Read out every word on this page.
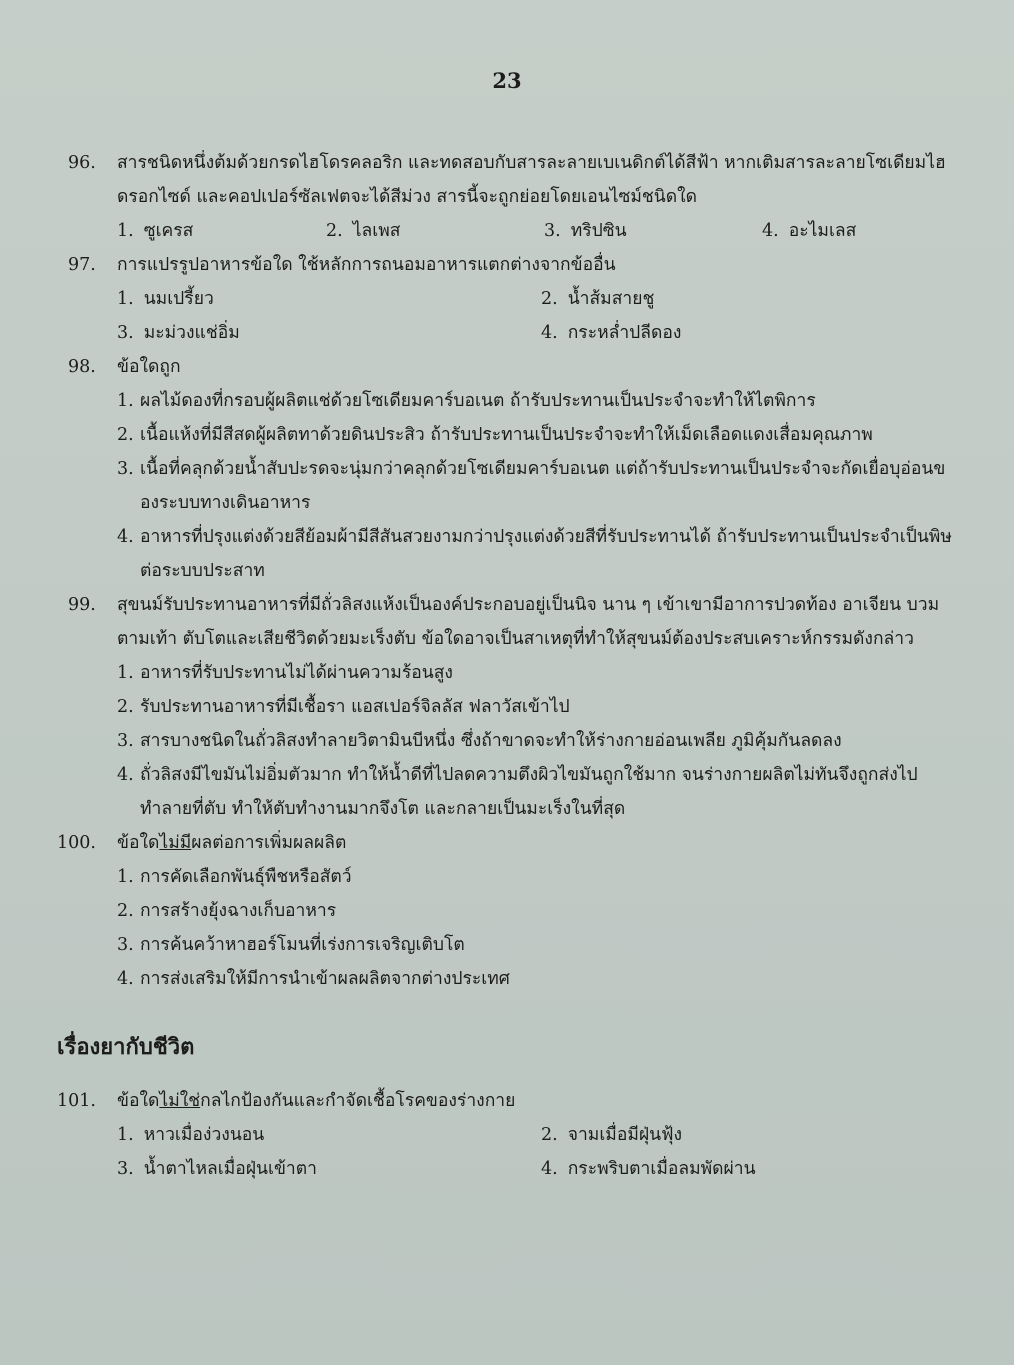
23
96.	สารชนิดหนึ่งต้มด้วยกรดไฮโดรคลอริก และทดสอบกับสารละลายเบเนดิกต์ได้สีฟ้า หากเติมสารละลายโซเดียมไฮดรอกไซด์ และคอปเปอร์ซัลเฟตจะได้สีม่วง สารนี้จะถูกย่อยโดยเอนไซม์ชนิดใด
1. ซูเครส	2. ไลเพส	3. ทริปซิน	4. อะไมเลส
97.	การแปรรูปอาหารข้อใด ใช้หลักการถนอมอาหารแตกต่างจากข้ออื่น
1. นมเปรี้ยว	2. น้ำส้มสายชู
3. มะม่วงแช่อิ่ม	4. กระหล่ำปลีดอง
98.	ข้อใดถูก
1. ผลไม้ดองที่กรอบผู้ผลิตแช่ด้วยโซเดียมคาร์บอเนต ถ้ารับประทานเป็นประจำจะทำให้ไตพิการ
2. เนื้อแห้งที่มีสีสดผู้ผลิตทาด้วยดินประสิว ถ้ารับประทานเป็นประจำจะทำให้เม็ดเลือดแดงเสื่อมคุณภาพ
3. เนื้อที่คลุกด้วยน้ำสับปะรดจะนุ่มกว่าคลุกด้วยโซเดียมคาร์บอเนต แต่ถ้ารับประทานเป็นประจำจะกัดเยื่อบุอ่อนของระบบทางเดินอาหาร
4. อาหารที่ปรุงแต่งด้วยสีย้อมผ้ามีสีสันสวยงามกว่าปรุงแต่งด้วยสีที่รับประทานได้ ถ้ารับประทานเป็นประจำเป็นพิษต่อระบบประสาท
99.	สุขนม์รับประทานอาหารที่มีถั่วลิสงแห้งเป็นองค์ประกอบอยู่เป็นนิจ นาน ๆ เข้าเขามีอาการปวดท้อง อาเจียน บวมตามเท้า ตับโตและเสียชีวิตด้วยมะเร็งตับ ข้อใดอาจเป็นสาเหตุที่ทำให้สุขนม์ต้องประสบเคราะห์กรรมดังกล่าว
1. อาหารที่รับประทานไม่ได้ผ่านความร้อนสูง
2. รับประทานอาหารที่มีเชื้อรา แอสเปอร์จิลลัส ฟลาวัสเข้าไป
3. สารบางชนิดในถั่วลิสงทำลายวิตามินบีหนึ่ง ซึ่งถ้าขาดจะทำให้ร่างกายอ่อนเพลีย ภูมิคุ้มกันลดลง
4. ถั่วลิสงมีไขมันไม่อิ่มตัวมาก ทำให้น้ำดีที่ไปลดความตึงผิวไขมันถูกใช้มาก จนร่างกายผลิตไม่ทันจึงถูกส่งไปทำลายที่ตับ ทำให้ตับทำงานมากจึงโต และกลายเป็นมะเร็งในที่สุด
100.	ข้อใดไม่มีผลต่อการเพิ่มผลผลิต
1. การคัดเลือกพันธุ์พืชหรือสัตว์
2. การสร้างยุ้งฉางเก็บอาหาร
3. การค้นคว้าหาฮอร์โมนที่เร่งการเจริญเติบโต
4. การส่งเสริมให้มีการนำเข้าผลผลิตจากต่างประเทศ
เรื่องยากับชีวิต
101.	ข้อใดไม่ใช่กลไกป้องกันและกำจัดเชื้อโรคของร่างกาย
1. หาวเมื่อง่วงนอน	2. จามเมื่อมีฝุ่นฟุ้ง
3. น้ำตาไหลเมื่อฝุ่นเข้าตา	4. กระพริบตาเมื่อลมพัดผ่าน
